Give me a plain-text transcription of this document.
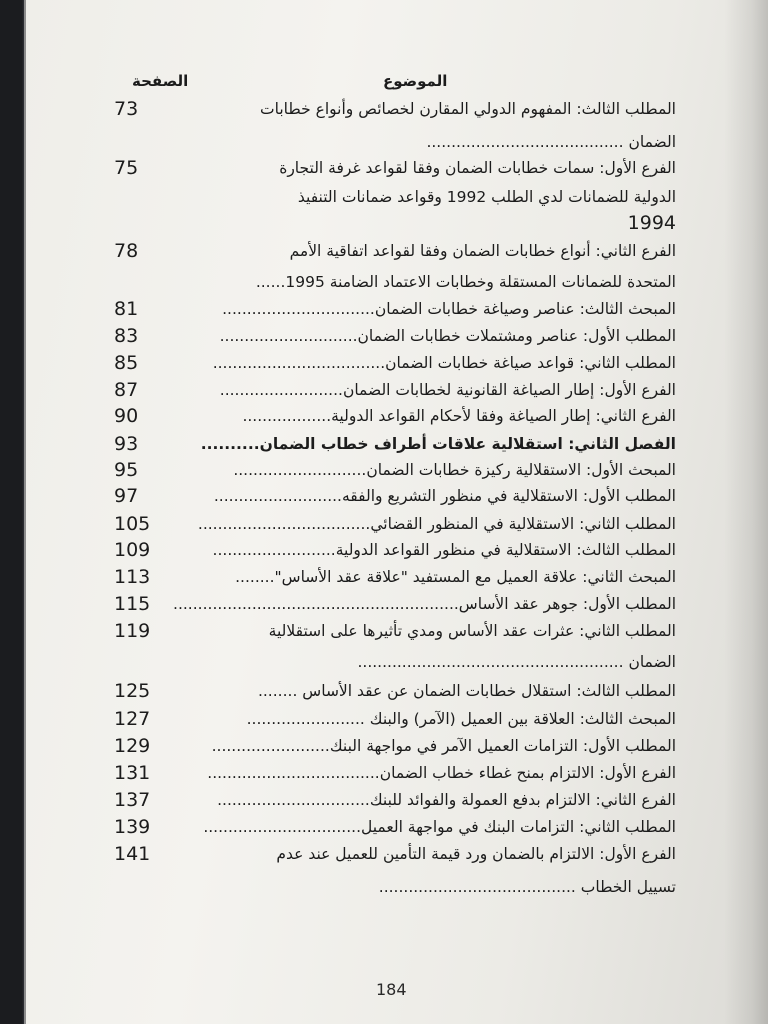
الموضوع
الصفحة
73	المطلب الثالث: المفهوم الدولي المقارن لخصائص وأنواع خطابات
الضمان ........................................
75	الفرع الأول: سمات خطابات الضمان وفقا لقواعد غرفة التجارة
الدولية للضمانات لدي الطلب 1992 وقواعد ضمانات التنفيذ
1994
78	الفرع الثاني: أنواع خطابات الضمان وفقا لقواعد اتفاقية الأمم
المتحدة للضمانات المستقلة وخطابات الاعتماد الضامنة 1995......
81	المبحث الثالث: عناصر وصياغة خطابات الضمان...............................
83	المطلب الأول: عناصر ومشتملات خطابات الضمان............................
85	المطلب الثاني: قواعد صياغة خطابات الضمان...................................
87	الفرع الأول: إطار الصياغة القانونية لخطابات الضمان.........................
90	الفرع الثاني: إطار الصياغة وفقا لأحكام القواعد الدولية..................
93	الفصل الثاني: استقلالية علاقات أطراف خطاب الضمان..........
95	المبحث الأول: الاستقلالية ركيزة خطابات الضمان...........................
97	المطلب الأول: الاستقلالية في منظور التشريع والفقه..........................
105	المطلب الثاني: الاستقلالية في المنظور القضائي...................................
109	المطلب الثالث: الاستقلالية في منظور القواعد الدولية.........................
113	المبحث الثاني: علاقة العميل مع المستفيد "علاقة عقد الأساس"........
115	المطلب الأول: جوهر عقد الأساس..........................................................
119	المطلب الثاني: عثرات عقد الأساس ومدي تأثيرها على استقلالية
الضمان ......................................................
125	المطلب الثالث: استقلال خطابات الضمان عن عقد الأساس ........
127	المبحث الثالث: العلاقة بين العميل (الآمر) والبنك ........................
129	المطلب الأول: التزامات العميل الآمر في مواجهة البنك........................
131	الفرع الأول: الالتزام بمنح غطاء خطاب الضمان...................................
137	الفرع الثاني: الالتزام بدفع العمولة والفوائد للبنك...............................
139	المطلب الثاني: التزامات البنك في مواجهة العميل................................
141	الفرع الأول: الالتزام بالضمان ورد قيمة التأمين للعميل عند عدم
تسييل الخطاب ........................................
184
